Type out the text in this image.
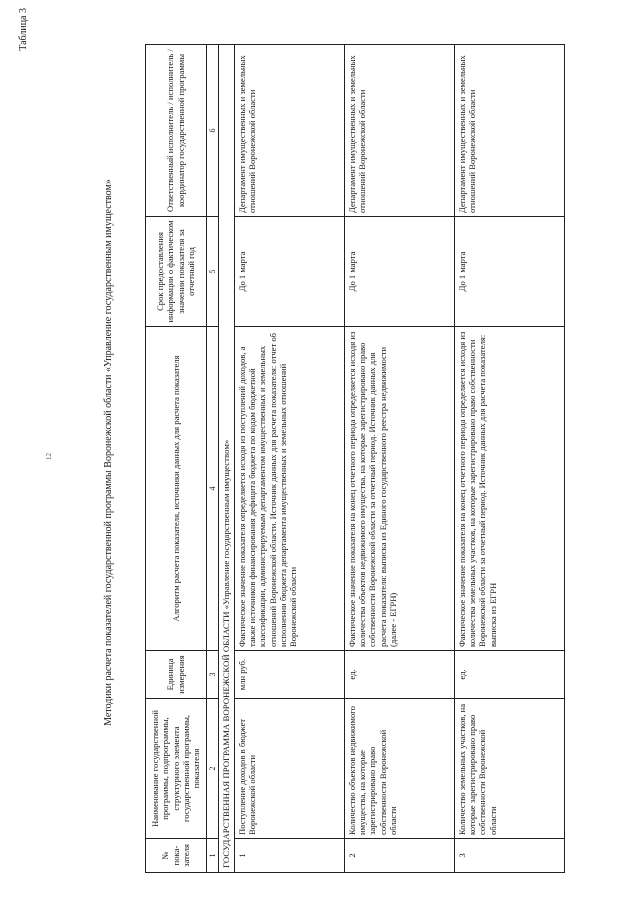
Таблица 3
12	Методики расчета показателей государственной программы Воронежской области «Управление государственным имуществом»
№ пока-зателя	Наименование государственной программы, подпрограммы, структурного элемента государственной программы, показателя	Единица измерения	Алгоритм расчета показателя, источники данных для расчета показателя	Срок предоставления информации о фактическом значении показателя за отчетный год	Ответственный исполнитель / исполнитель / координатор государственной программы
1	2	3	4	5	6
ГОСУДАРСТВЕННАЯ ПРОГРАММА ВОРОНЕЖСКОЙ ОБЛАСТИ «Управление государственным имуществом»					
1	Поступление доходов в бюджет Воронежской области	млн руб.	Фактическое значение показателя определяется исходя из поступлений доходов, а также источников финансирования дефицита бюджета по кодам бюджетной классификации, администрируемым департаментом имущественных и земельных отношений Воронежской области. Источник данных для расчета показателя: отчет об исполнении бюджета департамента имущественных и земельных отношений Воронежской области	До 1 марта	Департамент имущественных и земельных отношений Воронежской области
2	Количество объектов недвижимого имущества, на которые зарегистрировано право собственности Воронежской области	ед.	Фактическое значение показателя на конец отчетного периода определяется исходя из количества объектов недвижимого имущества, на которые зарегистрировано право собственности Воронежской области за отчетный период. Источник данных для расчета показателя: выписка из Единого государственного реестра недвижимости (далее - ЕГРН)	До 1 марта	Департамент имущественных и земельных отношений Воронежской области
3	Количество земельных участков, на которые зарегистрировано право собственности Воронежской области	ед.	Фактическое значение показателя на конец отчетного периода определяется исходя из количества земельных участков, на которые зарегистрировано право собственности Воронежской области за отчетный период. Источник данных для расчета показателя: выписка из ЕГРН	До 1 марта	Департамент имущественных и земельных отношений Воронежской области
